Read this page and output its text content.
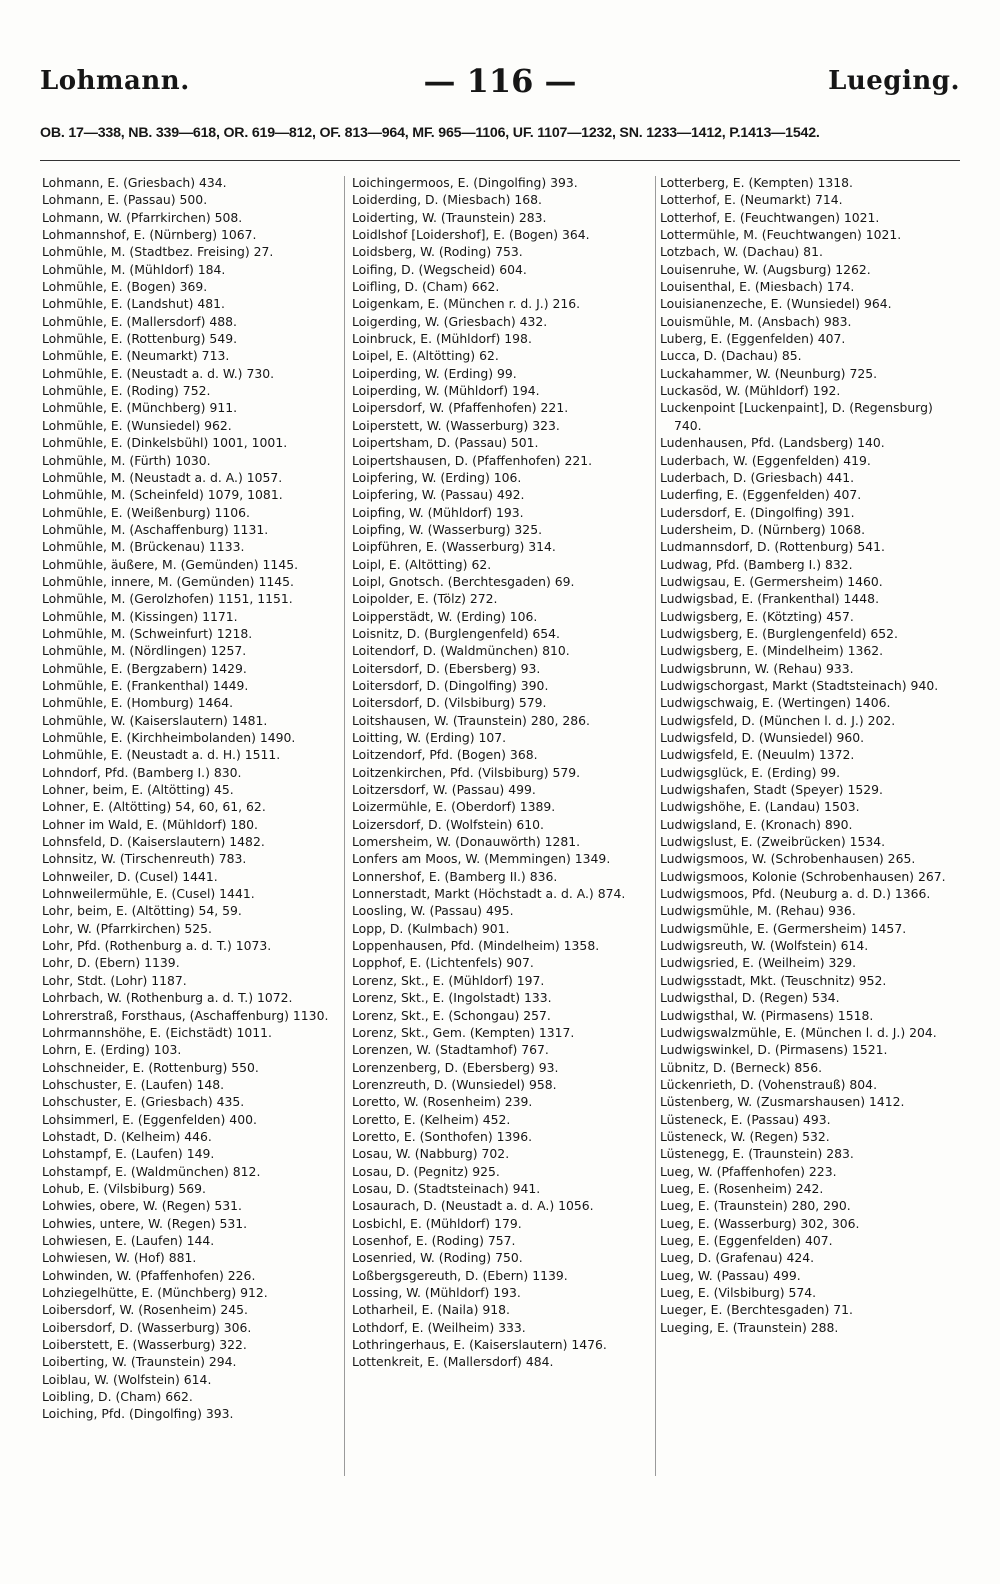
Lohmann.	— 116 —	Lueging.
OB. 17—338, NB. 339—618, OR. 619—812, OF. 813—964, MF. 965—1106, UF. 1107—1232, SN. 1233—1412, P.1413—1542.
Lohmann, E. (Griesbach) 434.
Lohmann, E. (Passau) 500.
Lohmann, W. (Pfarrkirchen) 508.
Lohmannshof, E. (Nürnberg) 1067.
Lohmühle, M. (Stadtbez. Freising) 27.
Lohmühle, M. (Mühldorf) 184.
Lohmühle, E. (Bogen) 369.
Lohmühle, E. (Landshut) 481.
Lohmühle, E. (Mallersdorf) 488.
Lohmühle, E. (Rottenburg) 549.
Lohmühle, E. (Neumarkt) 713.
Lohmühle, E. (Neustadt a. d. W.) 730.
Lohmühle, E. (Roding) 752.
Lohmühle, E. (Münchberg) 911.
Lohmühle, E. (Wunsiedel) 962.
Lohmühle, E. (Dinkelsbühl) 1001, 1001.
Lohmühle, M. (Fürth) 1030.
Lohmühle, M. (Neustadt a. d. A.) 1057.
Lohmühle, M. (Scheinfeld) 1079, 1081.
Lohmühle, E. (Weißenburg) 1106.
Lohmühle, M. (Aschaffenburg) 1131.
Lohmühle, M. (Brückenau) 1133.
Lohmühle, äußere, M. (Gemünden) 1145.
Lohmühle, innere, M. (Gemünden) 1145.
Lohmühle, M. (Gerolzhofen) 1151, 1151.
Lohmühle, M. (Kissingen) 1171.
Lohmühle, M. (Schweinfurt) 1218.
Lohmühle, M. (Nördlingen) 1257.
Lohmühle, E. (Bergzabern) 1429.
Lohmühle, E. (Frankenthal) 1449.
Lohmühle, E. (Homburg) 1464.
Lohmühle, W. (Kaiserslautern) 1481.
Lohmühle, E. (Kirchheimbolanden) 1490.
Lohmühle, E. (Neustadt a. d. H.) 1511.
Lohndorf, Pfd. (Bamberg I.) 830.
Lohner, beim, E. (Altötting) 45.
Lohner, E. (Altötting) 54, 60, 61, 62.
Lohner im Wald, E. (Mühldorf) 180.
Lohnsfeld, D. (Kaiserslautern) 1482.
Lohnsitz, W. (Tirschenreuth) 783.
Lohnweiler, D. (Cusel) 1441.
Lohnweilermühle, E. (Cusel) 1441.
Lohr, beim, E. (Altötting) 54, 59.
Lohr, W. (Pfarrkirchen) 525.
Lohr, Pfd. (Rothenburg a. d. T.) 1073.
Lohr, D. (Ebern) 1139.
Lohr, Stdt. (Lohr) 1187.
Lohrbach, W. (Rothenburg a. d. T.) 1072.
Lohrerstraß, Forsthaus, (Aschaffenburg) 1130.
Lohrmannshöhe, E. (Eichstädt) 1011.
Lohrn, E. (Erding) 103.
Lohschneider, E. (Rottenburg) 550.
Lohschuster, E. (Laufen) 148.
Lohschuster, E. (Griesbach) 435.
Lohsimmerl, E. (Eggenfelden) 400.
Lohstadt, D. (Kelheim) 446.
Lohstampf, E. (Laufen) 149.
Lohstampf, E. (Waldmünchen) 812.
Lohub, E. (Vilsbiburg) 569.
Lohwies, obere, W. (Regen) 531.
Lohwies, untere, W. (Regen) 531.
Lohwiesen, E. (Laufen) 144.
Lohwiesen, W. (Hof) 881.
Lohwinden, W. (Pfaffenhofen) 226.
Lohziegelhütte, E. (Münchberg) 912.
Loibersdorf, W. (Rosenheim) 245.
Loibersdorf, D. (Wasserburg) 306.
Loiberstett, E. (Wasserburg) 322.
Loiberting, W. (Traunstein) 294.
Loiblau, W. (Wolfstein) 614.
Loibling, D. (Cham) 662.
Loiching, Pfd. (Dingolfing) 393.
Loichingermoos, E. (Dingolfing) 393.
Loiderding, D. (Miesbach) 168.
Loiderting, W. (Traunstein) 283.
Loidlshof [Loidershof], E. (Bogen) 364.
Loidsberg, W. (Roding) 753.
Loifing, D. (Wegscheid) 604.
Loifling, D. (Cham) 662.
Loigenkam, E. (München r. d. J.) 216.
Loigerding, W. (Griesbach) 432.
Loinbruck, E. (Mühldorf) 198.
Loipel, E. (Altötting) 62.
Loiperding, W. (Erding) 99.
Loiperding, W. (Mühldorf) 194.
Loipersdorf, W. (Pfaffenhofen) 221.
Loiperstett, W. (Wasserburg) 323.
Loipertsham, D. (Passau) 501.
Loipertshausen, D. (Pfaffenhofen) 221.
Loipfering, W. (Erding) 106.
Loipfering, W. (Passau) 492.
Loipfing, W. (Mühldorf) 193.
Loipfing, W. (Wasserburg) 325.
Loipführen, E. (Wasserburg) 314.
Loipl, E. (Altötting) 62.
Loipl, Gnotsch. (Berchtesgaden) 69.
Loipolder, E. (Tölz) 272.
Loipperstädt, W. (Erding) 106.
Loisnitz, D. (Burglengenfeld) 654.
Loitendorf, D. (Waldmünchen) 810.
Loitersdorf, D. (Ebersberg) 93.
Loitersdorf, D. (Dingolfing) 390.
Loitersdorf, D. (Vilsbiburg) 579.
Loitshausen, W. (Traunstein) 280, 286.
Loitting, W. (Erding) 107.
Loitzendorf, Pfd. (Bogen) 368.
Loitzenkirchen, Pfd. (Vilsbiburg) 579.
Loitzersdorf, W. (Passau) 499.
Loizermühle, E. (Oberdorf) 1389.
Loizersdorf, D. (Wolfstein) 610.
Lomersheim, W. (Donauwörth) 1281.
Lonfers am Moos, W. (Memmingen) 1349.
Lonnershof, E. (Bamberg II.) 836.
Lonnerstadt, Markt (Höchstadt a. d. A.) 874.
Loosling, W. (Passau) 495.
Lopp, D. (Kulmbach) 901.
Loppenhausen, Pfd. (Mindelheim) 1358.
Lopphof, E. (Lichtenfels) 907.
Lorenz, Skt., E. (Mühldorf) 197.
Lorenz, Skt., E. (Ingolstadt) 133.
Lorenz, Skt., E. (Schongau) 257.
Lorenz, Skt., Gem. (Kempten) 1317.
Lorenzen, W. (Stadtamhof) 767.
Lorenzenberg, D. (Ebersberg) 93.
Lorenzreuth, D. (Wunsiedel) 958.
Loretto, W. (Rosenheim) 239.
Loretto, E. (Kelheim) 452.
Loretto, E. (Sonthofen) 1396.
Losau, W. (Nabburg) 702.
Losau, D. (Pegnitz) 925.
Losau, D. (Stadtsteinach) 941.
Losaurach, D. (Neustadt a. d. A.) 1056.
Losbichl, E. (Mühldorf) 179.
Losenhof, E. (Roding) 757.
Losenried, W. (Roding) 750.
Loßbergsgereuth, D. (Ebern) 1139.
Lossing, W. (Mühldorf) 193.
Lotharheil, E. (Naila) 918.
Lothdorf, E. (Weilheim) 333.
Lothringerhaus, E. (Kaiserslautern) 1476.
Lottenkreit, E. (Mallersdorf) 484.
Lotterberg, E. (Kempten) 1318.
Lotterhof, E. (Neumarkt) 714.
Lotterhof, E. (Feuchtwangen) 1021.
Lottermühle, M. (Feuchtwangen) 1021.
Lotzbach, W. (Dachau) 81.
Louisenruhe, W. (Augsburg) 1262.
Louisenthal, E. (Miesbach) 174.
Louisianenzeche, E. (Wunsiedel) 964.
Louismühle, M. (Ansbach) 983.
Luberg, E. (Eggenfelden) 407.
Lucca, D. (Dachau) 85.
Luckahammer, W. (Neunburg) 725.
Luckasöd, W. (Mühldorf) 192.
Luckenpoint [Luckenpaint], D. (Regensburg) 740.
Ludenhausen, Pfd. (Landsberg) 140.
Luderbach, W. (Eggenfelden) 419.
Luderbach, D. (Griesbach) 441.
Luderfing, E. (Eggenfelden) 407.
Ludersdorf, E. (Dingolfing) 391.
Ludersheim, D. (Nürnberg) 1068.
Ludmannsdorf, D. (Rottenburg) 541.
Ludwag, Pfd. (Bamberg I.) 832.
Ludwigsau, E. (Germersheim) 1460.
Ludwigsbad, E. (Frankenthal) 1448.
Ludwigsberg, E. (Kötzting) 457.
Ludwigsberg, E. (Burglengenfeld) 652.
Ludwigsberg, E. (Mindelheim) 1362.
Ludwigsbrunn, W. (Rehau) 933.
Ludwigschorgast, Markt (Stadtsteinach) 940.
Ludwigschwaig, E. (Wertingen) 1406.
Ludwigsfeld, D. (München l. d. J.) 202.
Ludwigsfeld, D. (Wunsiedel) 960.
Ludwigsfeld, E. (Neuulm) 1372.
Ludwigsglück, E. (Erding) 99.
Ludwigshafen, Stadt (Speyer) 1529.
Ludwigshöhe, E. (Landau) 1503.
Ludwigsland, E. (Kronach) 890.
Ludwigslust, E. (Zweibrücken) 1534.
Ludwigsmoos, W. (Schrobenhausen) 265.
Ludwigsmoos, Kolonie (Schrobenhausen) 267.
Ludwigsmoos, Pfd. (Neuburg a. d. D.) 1366.
Ludwigsmühle, M. (Rehau) 936.
Ludwigsmühle, E. (Germersheim) 1457.
Ludwigsreuth, W. (Wolfstein) 614.
Ludwigsried, E. (Weilheim) 329.
Ludwigsstadt, Mkt. (Teuschnitz) 952.
Ludwigsthal, D. (Regen) 534.
Ludwigsthal, W. (Pirmasens) 1518.
Ludwigswalzmühle, E. (München l. d. J.) 204.
Ludwigswinkel, D. (Pirmasens) 1521.
Lübnitz, D. (Berneck) 856.
Lückenrieth, D. (Vohenstrauß) 804.
Lüstenberg, W. (Zusmarshausen) 1412.
Lüsteneck, E. (Passau) 493.
Lüsteneck, W. (Regen) 532.
Lüstenegg, E. (Traunstein) 283.
Lueg, W. (Pfaffenhofen) 223.
Lueg, E. (Rosenheim) 242.
Lueg, E. (Traunstein) 280, 290.
Lueg, E. (Wasserburg) 302, 306.
Lueg, E. (Eggenfelden) 407.
Lueg, D. (Grafenau) 424.
Lueg, W. (Passau) 499.
Lueg, E. (Vilsbiburg) 574.
Lueger, E. (Berchtesgaden) 71.
Lueging, E. (Traunstein) 288.
